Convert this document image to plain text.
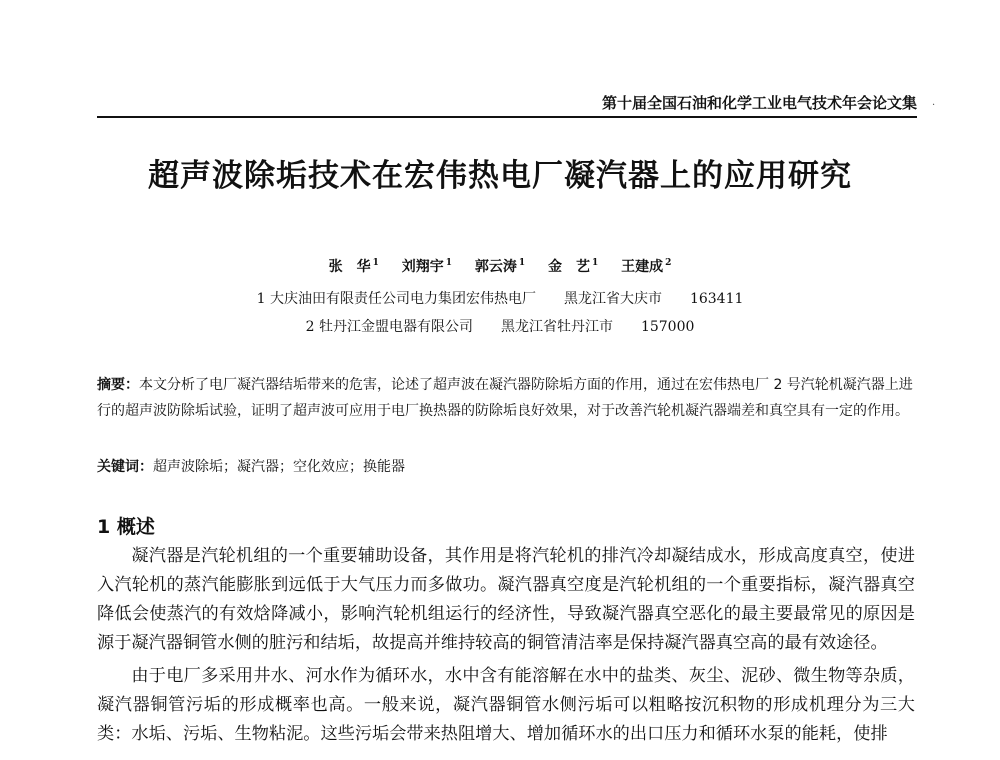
第十届全国石油和化学工业电气技术年会论文集 ·
超声波除垢技术在宏伟热电厂凝汽器上的应用研究
张　华 $^1$ 刘翔宇 $^1$ 郭云涛 $^1$ 金　艺 $^1$ 王建成 $^2$
1 大庆油田有限责任公司电力集团宏伟热电厂　　黑龙江省大庆市　　163411
2 牡丹江金盟电器有限公司　　黑龙江省牡丹江市　　157000
摘要：本文分析了电厂凝汽器结垢带来的危害，论述了超声波在凝汽器防除垢方面的作用，通过在宏伟热电厂 2 号汽轮机凝汽器上进行的超声波防除垢试验，证明了超声波可应用于电厂换热器的防除垢良好效果，对于改善汽轮机凝汽器端差和真空具有一定的作用。
关键词：超声波除垢；凝汽器；空化效应；换能器
1 概述

凝汽器是汽轮机组的一个重要辅助设备，其作用是将汽轮机的排汽冷却凝结成水，形成高度真空，使进入汽轮机的蒸汽能膨胀到远低于大气压力而多做功。凝汽器真空度是汽轮机组的一个重要指标，凝汽器真空降低会使蒸汽的有效焓降减小，影响汽轮机组运行的经济性，导致凝汽器真空恶化的最主要最常见的原因是源于凝汽器铜管水侧的脏污和结垢，故提高并维持较高的铜管清洁率是保持凝汽器真空高的最有效途径。

由于电厂多采用井水、河水作为循环水，水中含有能溶解在水中的盐类、灰尘、泥砂、微生物等杂质，凝汽器铜管污垢的形成概率也高。一般来说，凝汽器铜管水侧污垢可以粗略按沉积物的形成机理分为三大类：水垢、污垢、生物粘泥。这些污垢会带来热阻增大、增加循环水的出口压力和循环水泵的能耗，使排
